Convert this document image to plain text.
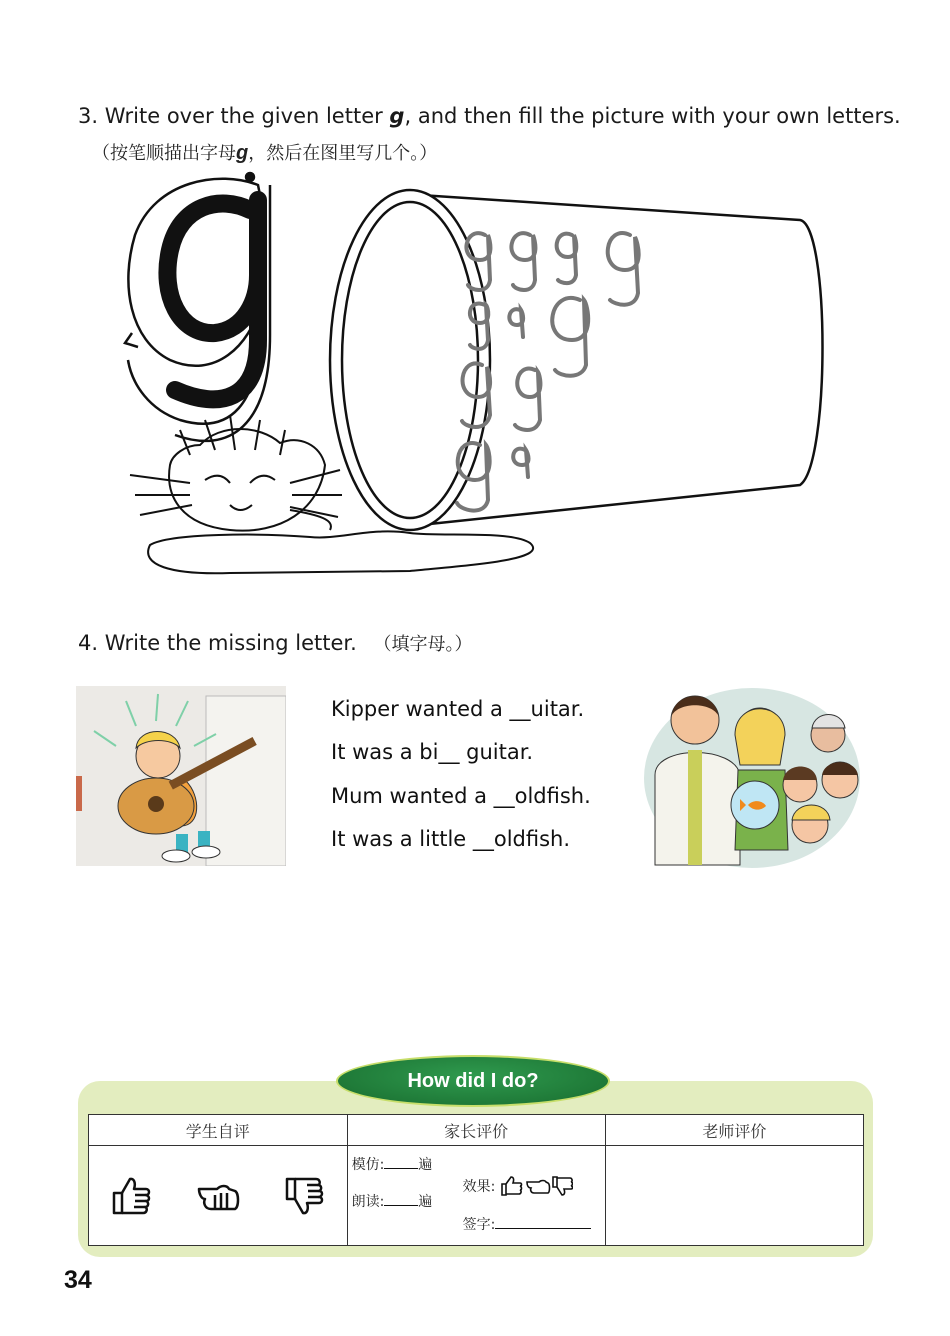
3. Write over the given letter g, and then fill the picture with your own letters.
（按笔顺描出字母g，然后在图里写几个。）
4. Write the missing letter. （填字母。）
Kipper wanted a __uitar.
It was a bi__ guitar.
Mum wanted a __oldfish.
It was a little __oldfish.
How did I do?
学生自评	家长评价	老师评价

模仿: 遍
朗读: 遍
效果:
签字:	

34
